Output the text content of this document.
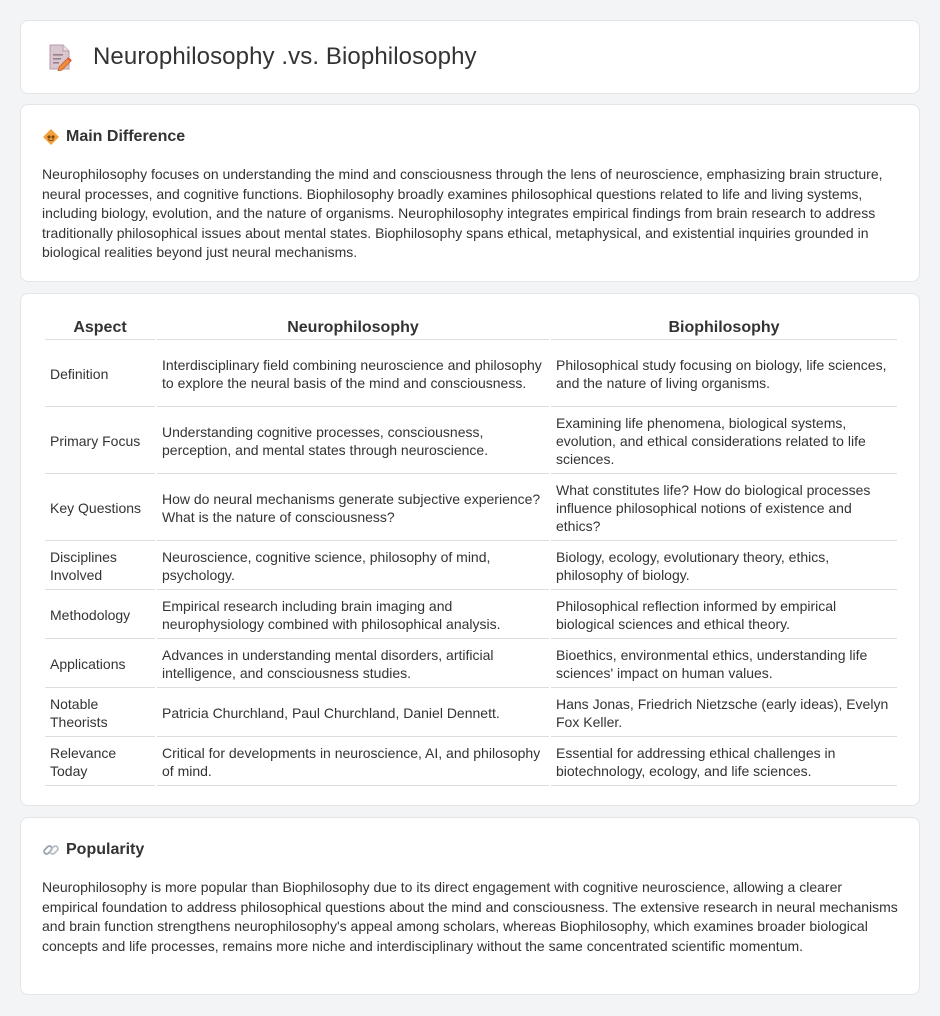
Neurophilosophy .vs. Biophilosophy
Main Difference

Neurophilosophy focuses on understanding the mind and consciousness through the lens of neuroscience, emphasizing brain structure, neural processes, and cognitive functions. Biophilosophy broadly examines philosophical questions related to life and living systems, including biology, evolution, and the nature of organisms. Neurophilosophy integrates empirical findings from brain research to address traditionally philosophical issues about mental states. Biophilosophy spans ethical, metaphysical, and existential inquiries grounded in biological realities beyond just neural mechanisms.

Aspect	Neurophilosophy	Biophilosophy
Definition	Interdisciplinary field combining neuroscience and philosophy to explore the neural basis of the mind and consciousness.	Philosophical study focusing on biology, life sciences, and the nature of living organisms.
Primary Focus	Understanding cognitive processes, consciousness, perception, and mental states through neuroscience.	Examining life phenomena, biological systems, evolution, and ethical considerations related to life sciences.
Key Questions	How do neural mechanisms generate subjective experience? What is the nature of consciousness?	What constitutes life? How do biological processes influence philosophical notions of existence and ethics?
Disciplines Involved	Neuroscience, cognitive science, philosophy of mind, psychology.	Biology, ecology, evolutionary theory, ethics, philosophy of biology.
Methodology	Empirical research including brain imaging and neurophysiology combined with philosophical analysis.	Philosophical reflection informed by empirical biological sciences and ethical theory.
Applications	Advances in understanding mental disorders, artificial intelligence, and consciousness studies.	Bioethics, environmental ethics, understanding life sciences' impact on human values.
Notable Theorists	Patricia Churchland, Paul Churchland, Daniel Dennett.	Hans Jonas, Friedrich Nietzsche (early ideas), Evelyn Fox Keller.
Relevance Today	Critical for developments in neuroscience, AI, and philosophy of mind.	Essential for addressing ethical challenges in biotechnology, ecology, and life sciences.
Popularity

Neurophilosophy is more popular than Biophilosophy due to its direct engagement with cognitive neuroscience, allowing a clearer empirical foundation to address philosophical questions about the mind and consciousness. The extensive research in neural mechanisms and brain function strengthens neurophilosophy's appeal among scholars, whereas Biophilosophy, which examines broader biological concepts and life processes, remains more niche and interdisciplinary without the same concentrated scientific momentum.
